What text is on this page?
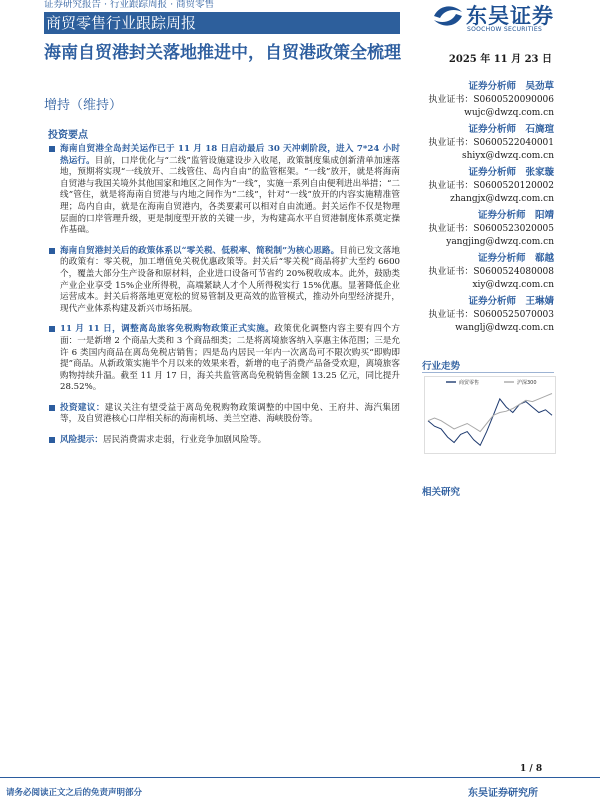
证券研究报告 · 行业跟踪周报 · 商贸零售
商贸零售行业跟踪周报	东吴证券
SOOCHOW SECURITIES
海南自贸港封关落地推进中，自贸港政策全梳理	2025 年 11 月 23 日
增持（维持）
证券分析师　 吴劲草
执业证书：S0600520090006
wujc@dwzq.com.cn
证券分析师　 石旖瑄
执业证书：S0600522040001
shiyx@dwzq.com.cn
证券分析师　 张家璇
执业证书：S0600520120002
zhangjx@dwzq.com.cn
证券分析师　 阳靖
执业证书：S0600523020005
yangjing@dwzq.com.cn
证券分析师　 郗越
执业证书：S0600524080008
xiy@dwzq.com.cn
证券分析师　 王琳婧
执业证书：S0600525070003
wanglj@dwzq.com.cn
投资要点
海南自贸港全岛封关运作已于 11 月 18 日启动最后 30 天冲刺阶段，进入 7*24 小时热运行。目前，口岸优化与“二线”监管设施建设步入收尾，政策制度集成创新清单加速落地，预期将实现“一线放开、二线管住、岛内自由”的监管框架。“一线”放开，就是将海南自贸港与我国关境外其他国家和地区之间作为“一线”，实施一系列自由便利进出举措；“二线”管住，就是将海南自贸港与内地之间作为“二线”，针对“一线”放开的内容实施精准管理；岛内自由，就是在海南自贸港内，各类要素可以相对自由流通。封关运作不仅是物理层面的口岸管理升级，更是制度型开放的关键一步，为构建高水平自贸港制度体系奠定操作基础。
海南自贸港封关后的政策体系以“零关税、低税率、简税制”为核心思路。目前已发文落地的政策有：零关税，加工增值免关税优惠政策等。封关后“零关税”商品将扩大至约 6600 个，覆盖大部分生产设备和原材料，企业进口设备可节省约 20%税收成本。此外，鼓励类产业企业享受 15%企业所得税，高端紧缺人才个人所得税实行 15%优惠。显著降低企业运营成本。封关后将落地更宽松的贸易管制及更高效的监管模式，推动外向型经济提升，现代产业体系构建及新兴市场拓展。
11 月 11 日，调整离岛旅客免税购物政策正式实施。政策优化调整内容主要有四个方面：一是新增 2 个商品大类和 3 个商品细类；二是将离境旅客纳入享惠主体范围；三是允许 6 类国内商品在离岛免税店销售；四是岛内居民一年内一次离岛可不限次购买“即购即提”商品。从新政策实施半个月以来的效果来看，新增的电子消费产品备受欢迎，离境旅客购物持续升温。截至 11 月 17 日，海关共监管离岛免税销售金额 13.25 亿元，同比提升 28.52%。
投资建议：建议关注有望受益于离岛免税购物政策调整的中国中免、王府井、海汽集团等，及自贸港核心口岸相关标的海南机场、美兰空港、海峡股份等。
风险提示：居民消费需求走弱，行业竞争加剧风险等。
行业走势
商贸零售	沪深300
相关研究
1 / 8
请务必阅读正文之后的免责声明部分	东吴证券研究所
